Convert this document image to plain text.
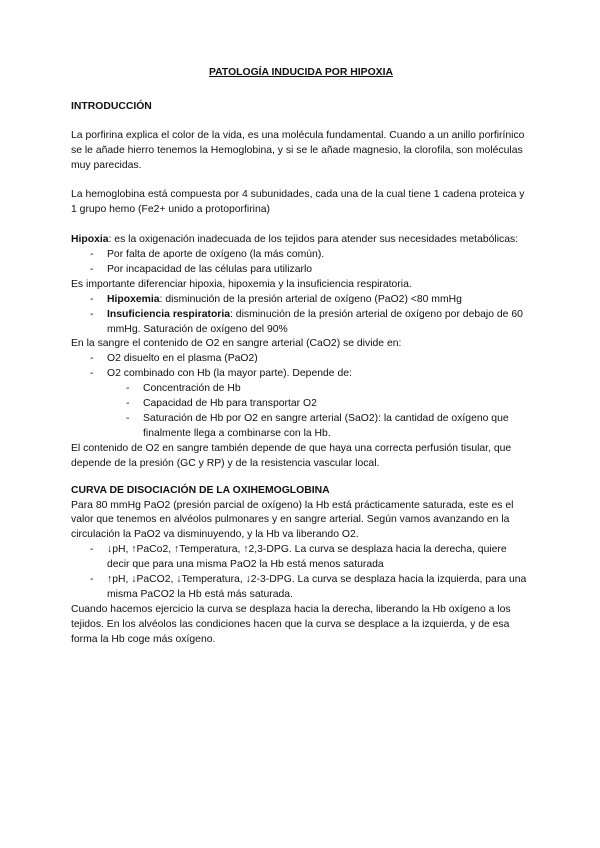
PATOLOGÍA INDUCIDA POR HIPOXIA

INTRODUCCIÓN

La porfirina explica el color de la vida, es una molécula fundamental. Cuando a un anillo porfirínico se le añade hierro tenemos la Hemoglobina, y si se le añade magnesio, la clorofila, son moléculas muy parecidas.

La hemoglobina está compuesta por 4 subunidades, cada una de la cual tiene 1 cadena proteica y 1 grupo hemo (Fe2+ unido a protoporfirina)

Hipoxia: es la oxigenación inadecuada de los tejidos para atender sus necesidades metabólicas:

- Por falta de aporte de oxígeno (la más común).
- Por incapacidad de las células para utilizarlo

Es importante diferenciar hipoxia, hipoxemia y la insuficiencia respiratoria.

- Hipoxemia: disminución de la presión arterial de oxígeno (PaO2) <80 mmHg
- Insuficiencia respiratoria: disminución de la presión arterial de oxígeno por debajo de 60 mmHg. Saturación de oxígeno del 90%

En la sangre el contenido de O2 en sangre arterial (CaO2) se divide en:

- O2 disuelto en el plasma (PaO2)
- O2 combinado con Hb (la mayor parte). Depende de:
- Concentración de Hb
- Capacidad de Hb para transportar O2
- Saturación de Hb por O2 en sangre arterial (SaO2): la cantidad de oxígeno que finalmente llega a combinarse con la Hb.

El contenido de O2 en sangre también depende de que haya una correcta perfusión tisular, que depende de la presión (GC y RP) y de la resistencia vascular local.

CURVA DE DISOCIACIÓN DE LA OXIHEMOGLOBINA

Para 80 mmHg PaO2 (presión parcial de oxígeno) la Hb está prácticamente saturada, este es el valor que tenemos en alvéolos pulmonares y en sangre arterial. Según vamos avanzando en la circulación la PaO2 va disminuyendo, y la Hb va liberando O2.

- ↓pH, ↑PaCo2, ↑Temperatura, ↑2,3-DPG. La curva se desplaza hacia la derecha, quiere decir que para una misma PaO2 la Hb está menos saturada
- ↑pH, ↓PaCO2, ↓Temperatura, ↓2-3-DPG. La curva se desplaza hacia la izquierda, para una misma PaCO2 la Hb está más saturada.

Cuando hacemos ejercicio la curva se desplaza hacia la derecha, liberando la Hb oxígeno a los tejidos. En los alvéolos las condiciones hacen que la curva se desplace a la izquierda, y de esa forma la Hb coge más oxígeno.
